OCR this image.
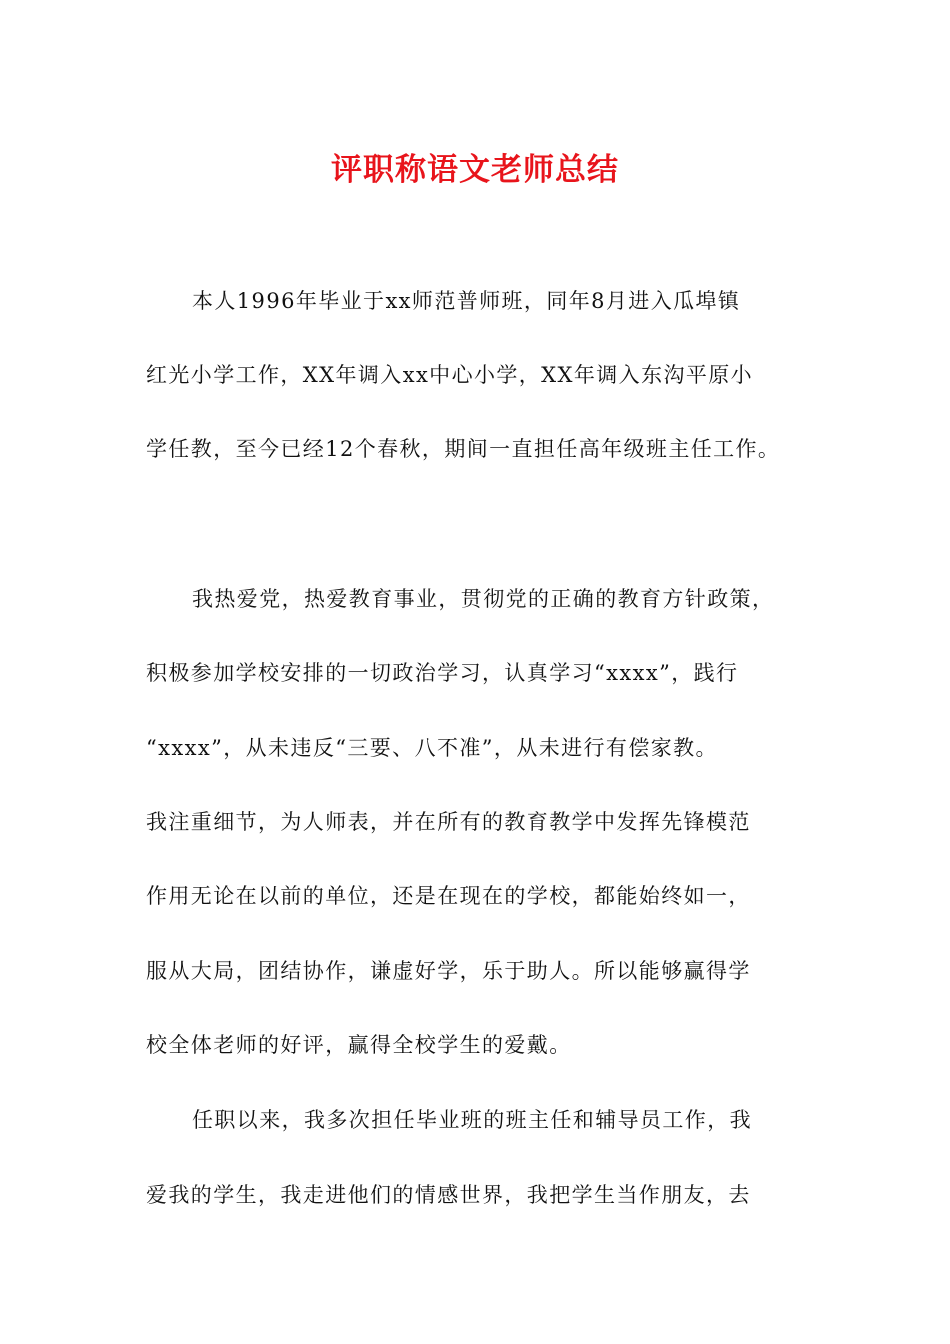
评职称语文老师总结
本人1996年毕业于xx师范普师班，同年8月进入瓜埠镇
红光小学工作，XX年调入xx中心小学，XX年调入东沟平原小
学任教，至今已经12个春秋，期间一直担任高年级班主任工作。
我热爱党，热爱教育事业，贯彻党的正确的教育方针政策，
积极参加学校安排的一切政治学习，认真学习“xxxx”，践行
“xxxx”，从未违反“三要、八不准”，从未进行有偿家教。
我注重细节，为人师表，并在所有的教育教学中发挥先锋模范
作用无论在以前的单位，还是在现在的学校，都能始终如一，
服从大局，团结协作，谦虚好学，乐于助人。所以能够赢得学
校全体老师的好评，赢得全校学生的爱戴。
任职以来，我多次担任毕业班的班主任和辅导员工作，我
爱我的学生，我走进他们的情感世界，我把学生当作朋友，去
